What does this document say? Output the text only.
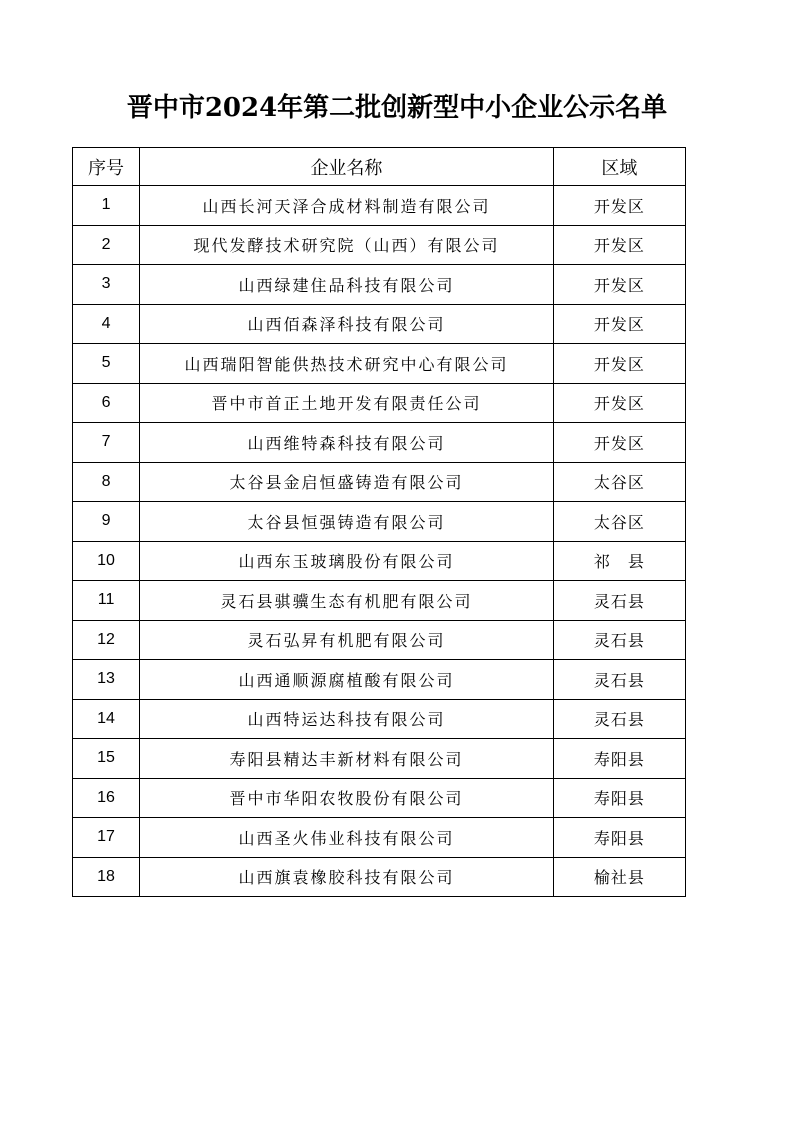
晋中市2024年第二批创新型中小企业公示名单
序号	企业名称	区域
1	山西长河天泽合成材料制造有限公司	开发区
2	现代发酵技术研究院（山西）有限公司	开发区
3	山西绿建住品科技有限公司	开发区
4	山西佰森泽科技有限公司	开发区
5	山西瑞阳智能供热技术研究中心有限公司	开发区
6	晋中市首正土地开发有限责任公司	开发区
7	山西维特森科技有限公司	开发区
8	太谷县金启恒盛铸造有限公司	太谷区
9	太谷县恒强铸造有限公司	太谷区
10	山西东玉玻璃股份有限公司	祁　县
11	灵石县骐骥生态有机肥有限公司	灵石县
12	灵石弘昇有机肥有限公司	灵石县
13	山西通顺源腐植酸有限公司	灵石县
14	山西特运达科技有限公司	灵石县
15	寿阳县精达丰新材料有限公司	寿阳县
16	晋中市华阳农牧股份有限公司	寿阳县
17	山西圣火伟业科技有限公司	寿阳县
18	山西旗袁橡胶科技有限公司	榆社县
